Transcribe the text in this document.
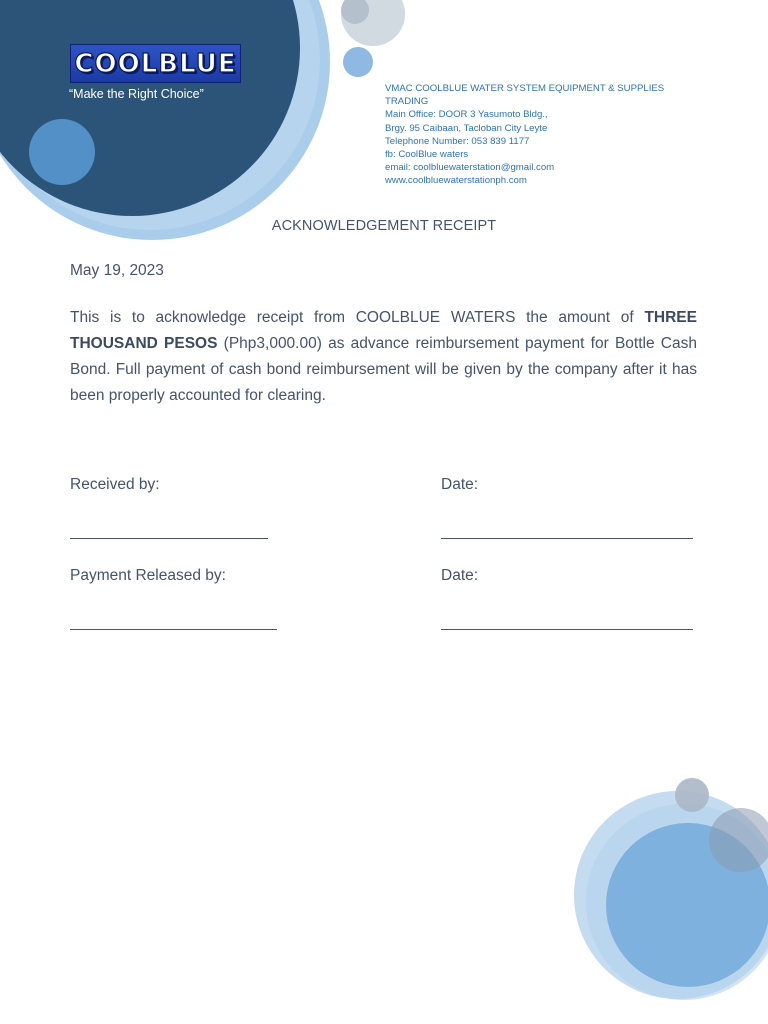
COOLBLUE
“Make the Right Choice”	VMAC COOLBLUE WATER SYSTEM EQUIPMENT & SUPPLIES
TRADING
Main Office: DOOR 3 Yasumoto Bldg.,
Brgy. 95 Caibaan, Tacloban City Leyte
Telephone Number: 053 839 1177
fb: CoolBlue waters
email: coolbluewaterstation@gmail.com
www.coolbluewaterstationph.com
ACKNOWLEDGEMENT RECEIPT
May 19, 2023
This is to acknowledge receipt from COOLBLUE WATERS the amount of THREE THOUSAND PESOS (Php3,000.00) as advance reimbursement payment for Bottle Cash Bond. Full payment of cash bond reimbursement will be given by the company after it has been properly accounted for clearing.
Received by:	Date:
Payment Released by:	Date:
